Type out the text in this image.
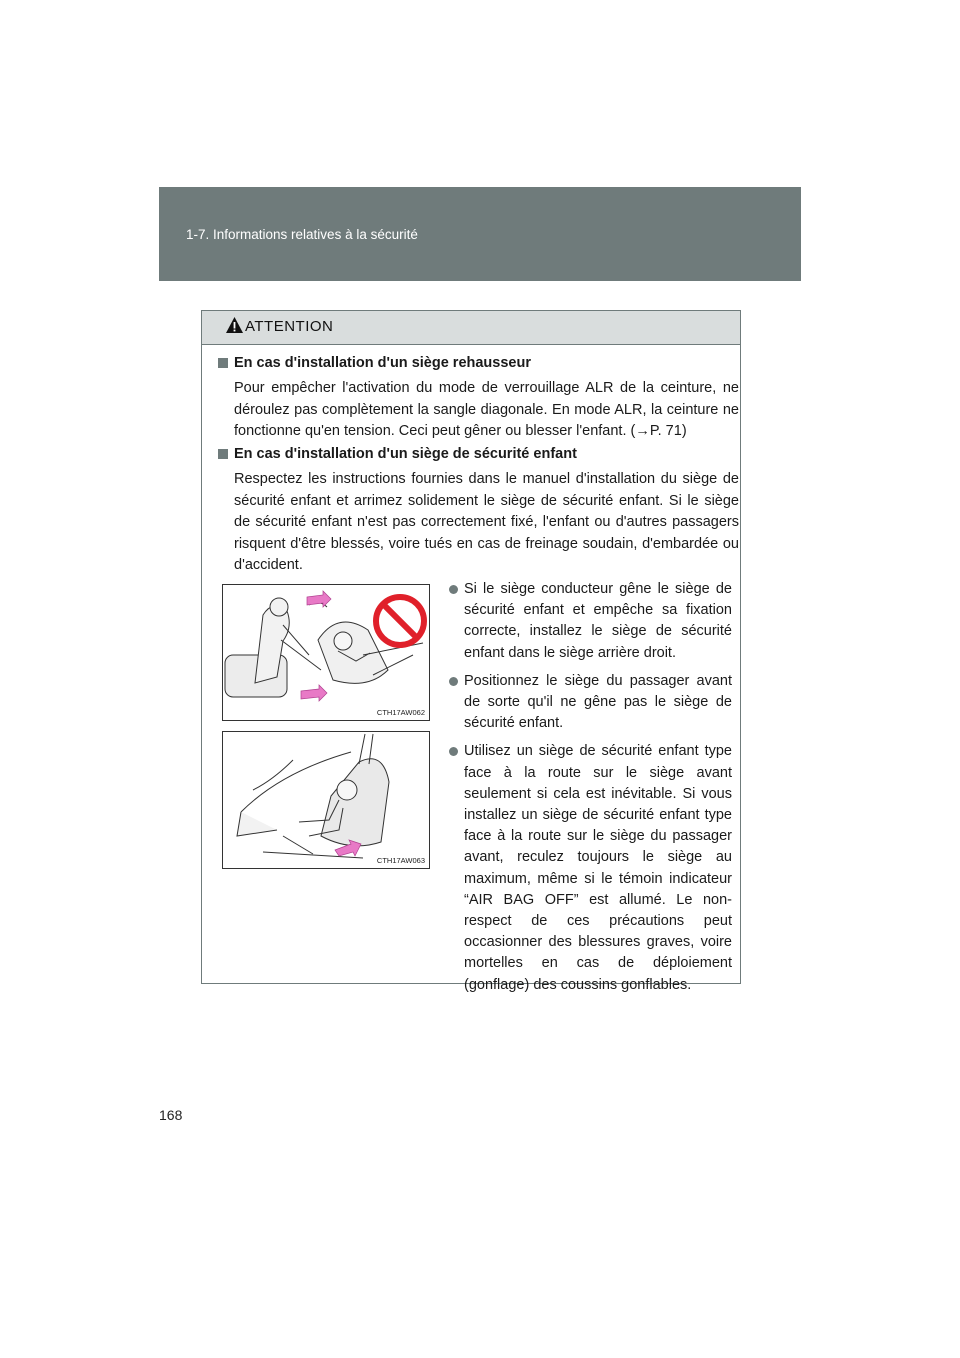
1-7. Informations relatives à la sécurité
ATTENTION
En cas d'installation d'un siège rehausseur
Pour empêcher l'activation du mode de verrouillage ALR de la ceinture, ne déroulez pas complètement la sangle diagonale. En mode ALR, la ceinture ne fonctionne qu'en tension. Ceci peut gêner ou blesser l'enfant. (→P. 71)
En cas d'installation d'un siège de sécurité enfant
Respectez les instructions fournies dans le manuel d'installation du siège de sécurité enfant et arrimez solidement le siège de sécurité enfant. Si le siège de sécurité enfant n'est pas correctement fixé, l'enfant ou d'autres passagers risquent d'être blessés, voire tués en cas de freinage soudain, d'embardée ou d'accident.
CTH17AW062
CTH17AW063
Si le siège conducteur gêne le siège de sécurité enfant et empêche sa fixation correcte, installez le siège de sécurité enfant dans le siège arrière droit.
Positionnez le siège du passager avant de sorte qu'il ne gêne pas le siège de sécurité enfant.
Utilisez un siège de sécurité enfant type face à la route sur le siège avant seulement si cela est inévitable. Si vous installez un siège de sécurité enfant type face à la route sur le siège du passager avant, reculez toujours le siège au maximum, même si le témoin indicateur “AIR BAG OFF” est allumé. Le non-respect de ces précautions peut occasionner des blessures graves, voire mortelles en cas de déploiement (gonflage) des coussins gonflables.
168
